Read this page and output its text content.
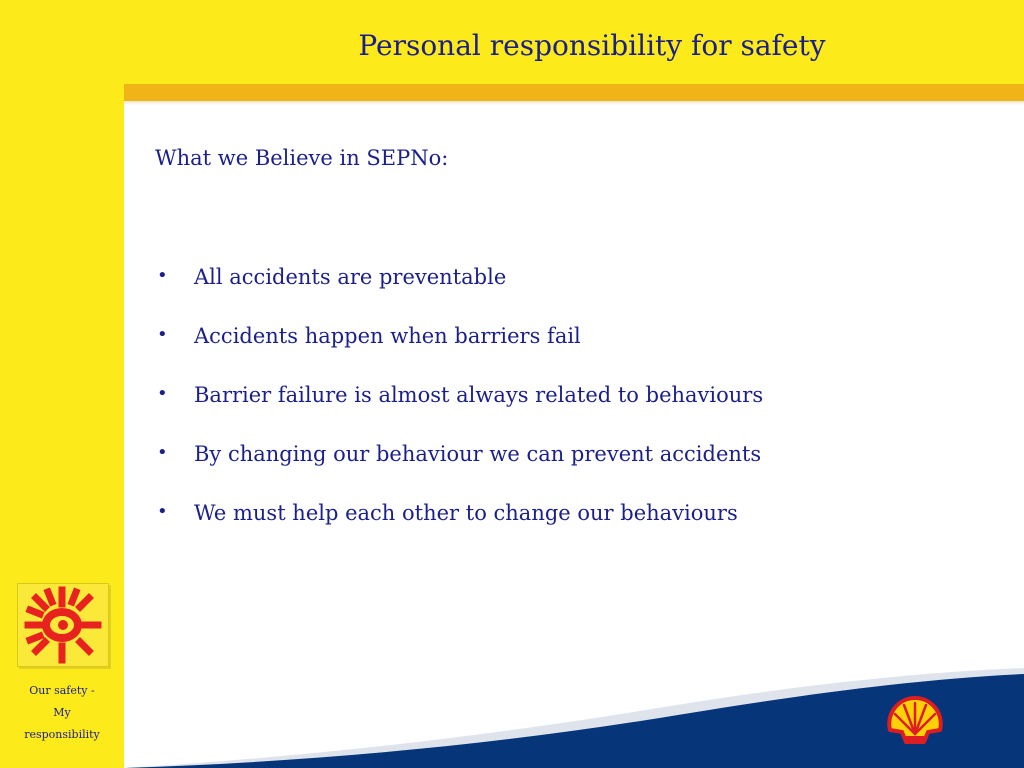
Personal responsibility for safety

What we Believe in SEPNo:

• All accidents are preventable
• Accidents happen when barriers fail
• Barrier failure is almost always related to behaviours
• By changing our behaviour we can prevent accidents
• We must help each other to change our behaviours

Our safety -
My
responsibility
